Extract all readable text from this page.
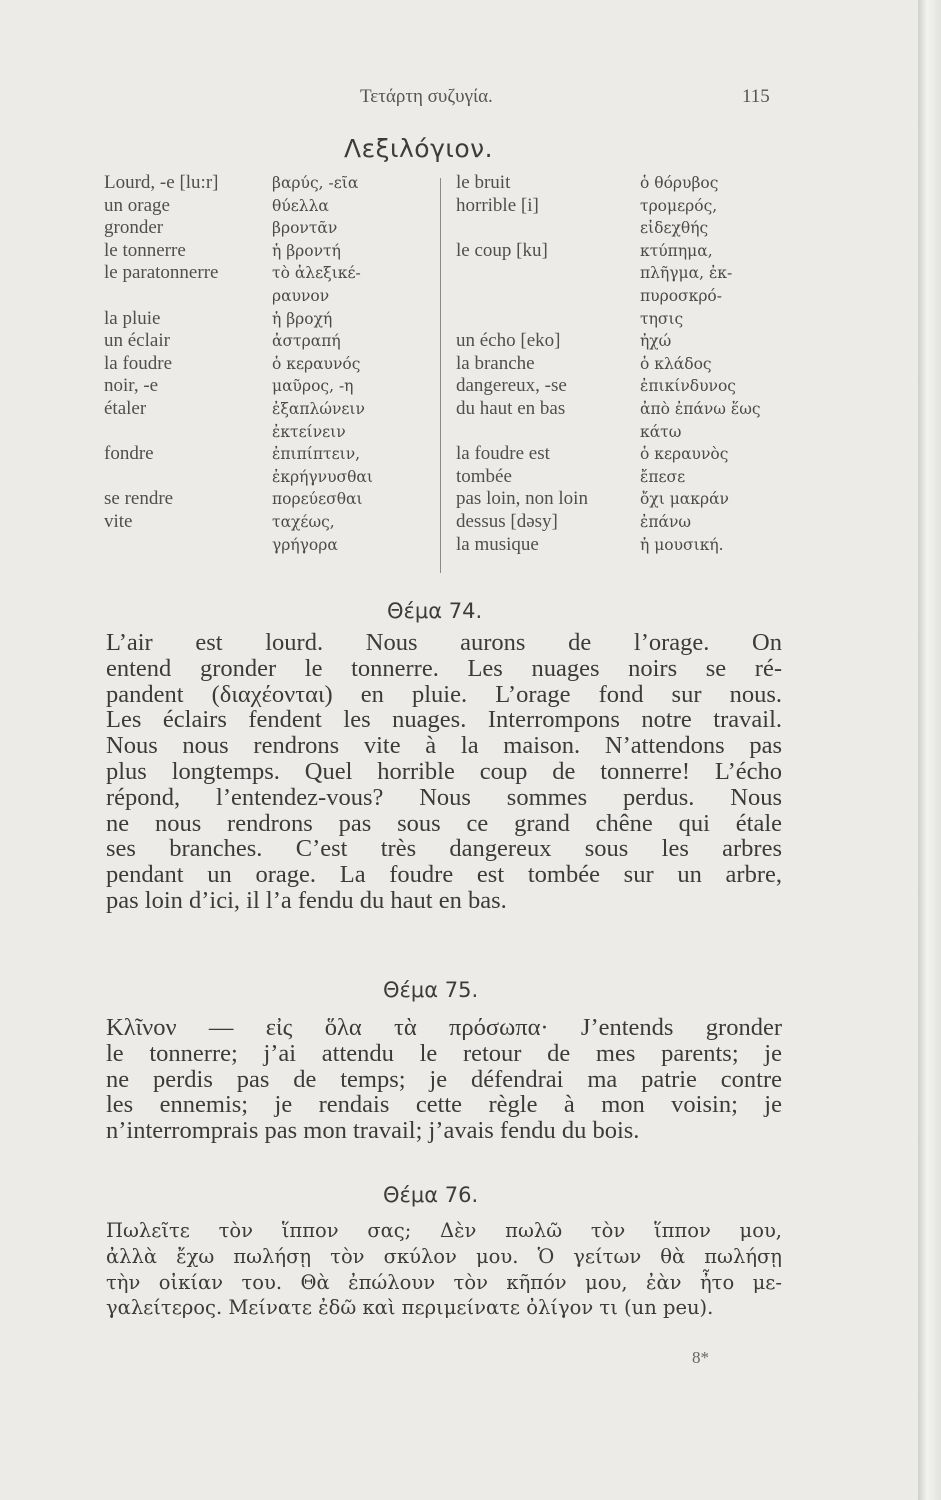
Τετάρτη συζυγία.	115
Λεξιλόγιον.
Lourd, -e [lu:r]
un orage
gronder
le tonnerre
le paratonnerre

la pluie
un éclair
la foudre
noir, -e
étaler

fondre

se rendre
vite

βαρύς, -εῖα
θύελλα
βροντᾶν
ἡ βροντή
τὸ ἀλεξικέ-
ραυνον
ἡ βροχή
ἀστραπή
ὁ κεραυνός
μαῦρος, -η
ἐξαπλώνειν
ἐκτείνειν
ἐπιπίπτειν,
ἐκρήγνυσθαι
πορεύεσθαι
ταχέως,
γρήγορα
le bruit
horrible [i]

le coup [ku]

un écho [eko]
la branche
dangereux, -se
du haut en bas

la foudre est
tombée
pas loin, non loin
dessus [dəsy]
la musique
ὁ θόρυβος
τρομερός,
εἰδεχθής
κτύπημα,
πλῆγμα, ἐκ-
πυροσκρό-
τησις
ἠχώ
ὁ κλάδος
ἐπικίνδυνος
ἀπὸ ἐπάνω ἕως
κάτω
ὁ κεραυνὸς
ἔπεσε
ὄχι μακράν
ἐπάνω
ἡ μουσική.
Θέμα 74.
L’air est lourd. Nous aurons de l’orage. On
entend gronder le tonnerre. Les nuages noirs se ré-
pandent (διαχέονται) en pluie. L’orage fond sur nous.
Les éclairs fendent les nuages. Interrompons notre travail.
Nous nous rendrons vite à la maison. N’attendons pas
plus longtemps. Quel horrible coup de tonnerre! L’écho
répond, l’entendez-vous? Nous sommes perdus. Nous
ne nous rendrons pas sous ce grand chêne qui étale
ses branches. C’est très dangereux sous les arbres
pendant un orage. La foudre est tombée sur un arbre,
pas loin d’ici, il l’a fendu du haut en bas.
Θέμα 75.
Κλῖνον — εἰς ὅλα τὰ πρόσωπα· J’entends gronder
le tonnerre; j’ai attendu le retour de mes parents; je
ne perdis pas de temps; je défendrai ma patrie contre
les ennemis; je rendais cette règle à mon voisin; je
n’interromprais pas mon travail; j’avais fendu du bois.
Θέμα 76.
Πωλεῖτε τὸν ἵππον σας; Δὲν πωλῶ τὸν ἵππον μου,
ἀλλὰ ἔχω πωλήσῃ τὸν σκύλον μου. Ὁ γείτων θὰ πωλήσῃ
τὴν οἰκίαν του. Θὰ ἐπώλουν τὸν κῆπόν μου, ἐὰν ἦτο με-
γαλείτερος. Μείνατε ἐδῶ καὶ περιμείνατε ὀλίγον τι (un peu).
8*
